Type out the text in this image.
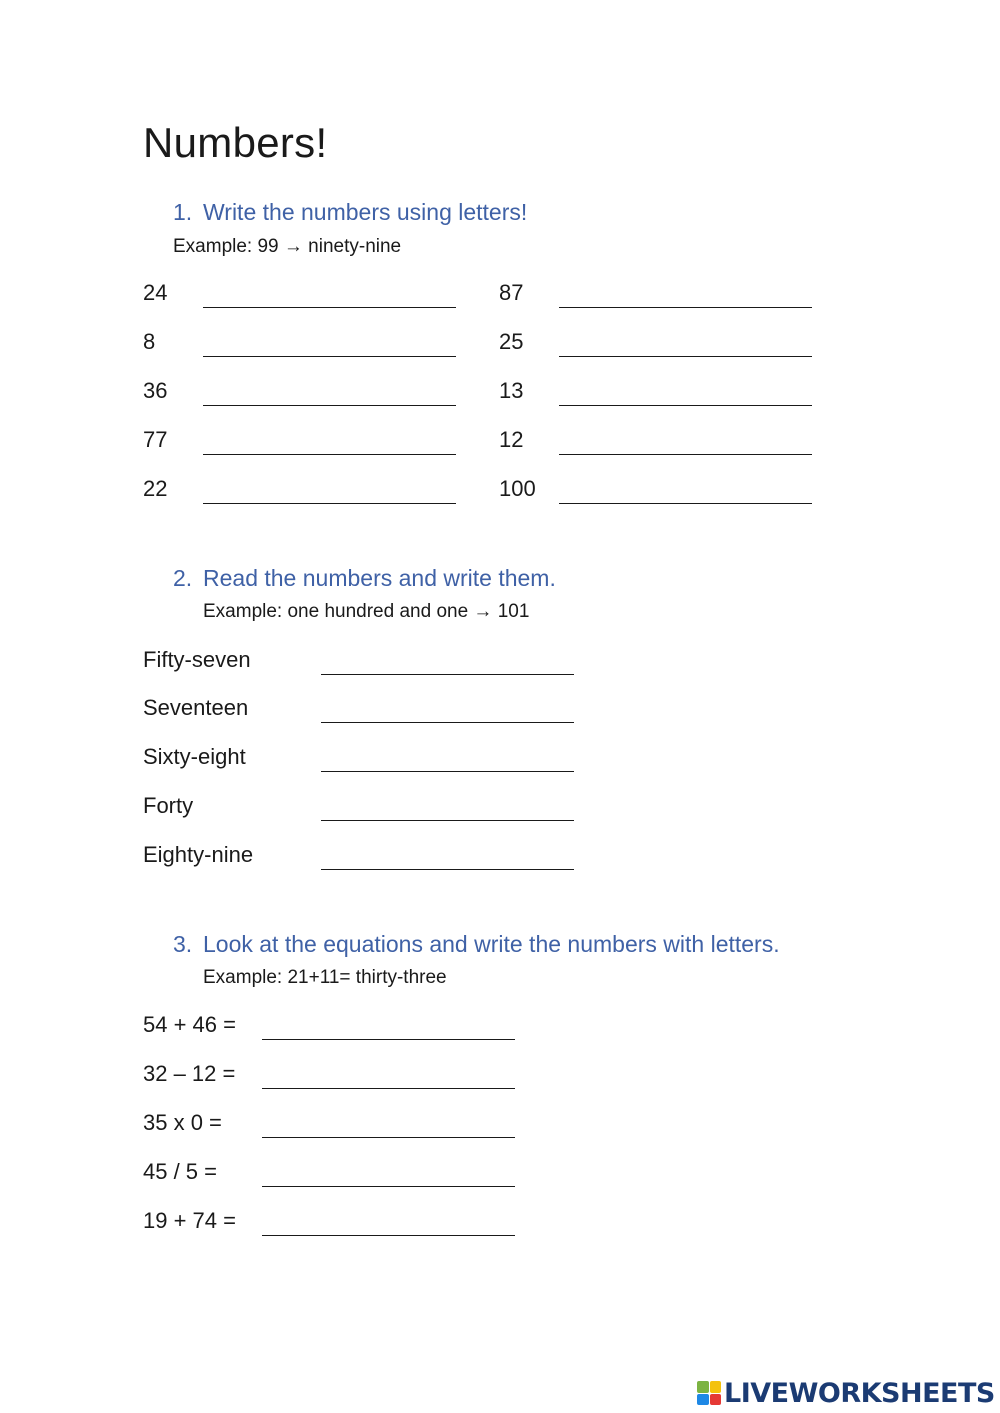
Numbers!
1. Write the numbers using letters!
Example: 99 → ninety-nine
24
8
36
77
22
87
25
13
12
100
2. Read the numbers and write them.
Example: one hundred and one → 101
Fifty-seven
Seventeen
Sixty-eight
Forty
Eighty-nine
3. Look at the equations and write the numbers with letters.
Example: 21+11= thirty-three
54 + 46 =
32 – 12 =
35 x 0 =
45 / 5 =
19 + 74 =
LIVEWORKSHEETS
